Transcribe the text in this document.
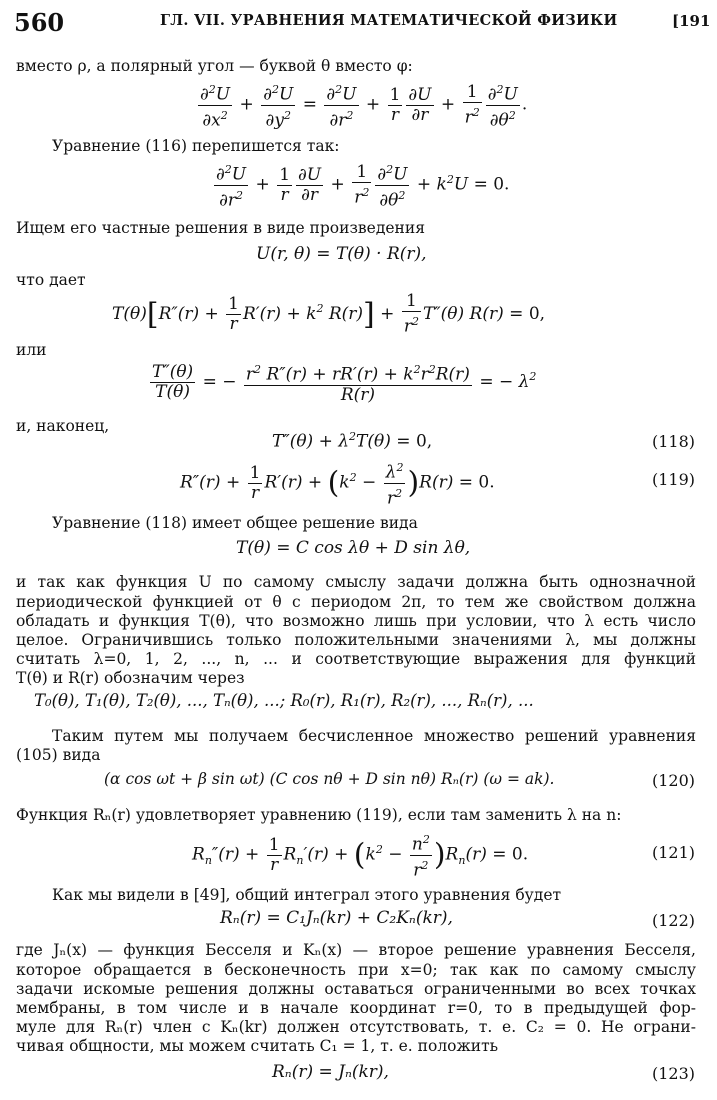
560	ГЛ. VII. УРАВНЕНИЯ МАТЕМАТИЧЕСКОЙ ФИЗИКИ	[191
вместо ρ, а полярный угол — буквой θ вместо φ:
$\frac{\partial^2U}{\partial x^2} + \frac{\partial^2U}{\partial y^2} = \frac{\partial^2U}{\partial r^2} + \frac{1}{r} \frac{\partial U}{\partial r} + \frac{1}{r^2} \frac{\partial^2U}{\partial\theta^2}$ .
Уравнение (116) перепишется так:
$\frac{\partial^2U}{\partial r^2} + \frac{1}{r} \frac{\partial U}{\partial r} + \frac{1}{r^2} \frac{\partial^2U}{\partial\theta^2} + k^2U = 0$.
Ищем его частные решения в виде произведения
U(r, θ) = T(θ) · R(r),
что дает
$T(\theta)[R''(r) + \frac{1}{r} R'(r) + k^2$ $R(r)] + \frac{1}{r^2} T''(\theta) R(r) = 0$,
или
$\frac{T''(\theta)}{T(\theta)}$ = − $\frac{r^2 R''(r) + rR'(r) + k^2r^2R(r)}{R(r)}$ = − $\lambda^2$
и, наконец,
$T''(\theta) + \lambda^2T(\theta) = 0$,	(118)
$R''(r) + \frac{1}{r} R'(r) + (k^2 - \frac{\lambda^2}{r^2} )R(r) = 0$.	(119)
Уравнение (118) имеет общее решение вида
T(θ) = C cos λθ + D sin λθ,
и так как функция U по самому смыслу задачи должна быть однозначной
периодической функцией от θ с периодом 2π, то тем же свойством должна
обладать и функция T(θ), что возможно лишь при условии, что λ есть число
целое. Ограничившись только положительными значениями λ, мы должны
считать λ=0, 1, 2, ..., n, ... и соответствующие выражения для функций
T(θ) и R(r) обозначим через
T₀(θ), T₁(θ), T₂(θ), ..., Tₙ(θ), ...; R₀(r), R₁(r), R₂(r), ..., Rₙ(r), ...
Таким путем мы получаем бесчисленное множество решений уравнения
(105) вида
(α cos ωt + β sin ωt) (C cos nθ + D sin nθ) Rₙ(r) (ω = ak).	(120)
Функция Rₙ(r) удовлетворяет уравнению (119), если там заменить λ на n:
$R_n''(r) + \frac{1}{r} R_n'(r) + (k^2 - \frac{n^2}{r^2} )R_n(r) = 0$.	(121)
Как мы видели в [49], общий интеграл этого уравнения будет
Rₙ(r) = C₁Jₙ(kr) + C₂Kₙ(kr),	(122)
где Jₙ(x) — функция Бесселя и Kₙ(x) — второе решение уравнения Бесселя,
которое обращается в бесконечность при x=0; так как по самому смыслу
задачи искомые решения должны оставаться ограниченными во всех точках
мембраны, в том числе и в начале координат r=0, то в предыдущей фор-
муле для Rₙ(r) член с Kₙ(kr) должен отсутствовать, т. е. C₂ = 0. Не ограни-
чивая общности, мы можем считать C₁ = 1, т. е. положить
Rₙ(r) = Jₙ(kr),	(123)
